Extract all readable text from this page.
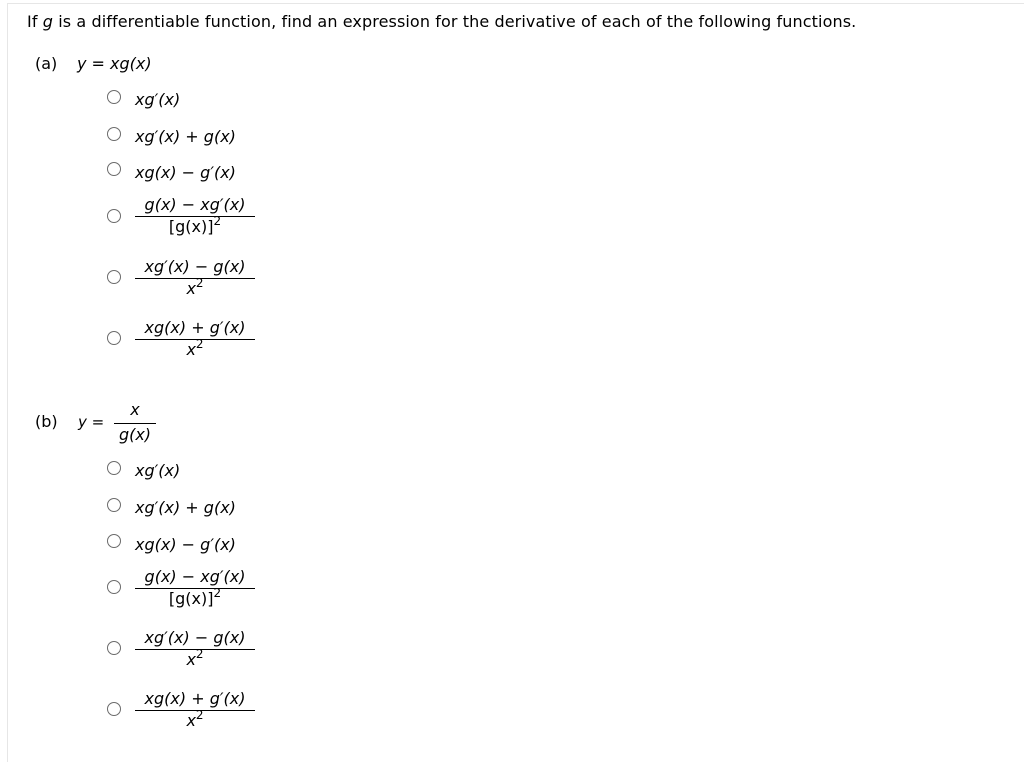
If g is a differentiable function, find an expression for the derivative of each of the following functions.
(a) y = xg(x)
xg′(x)
xg′(x) + g(x)
xg(x) − g′(x)
g(x) − xg′(x)
$[g(x)]^2$
xg′(x) − g(x)
$x^2$
xg(x) + g′(x)
$x^2$
(b) y =
x
g(x)
xg′(x)
xg′(x) + g(x)
xg(x) − g′(x)
g(x) − xg′(x)
$[g(x)]^2$
xg′(x) − g(x)
$x^2$
xg(x) + g′(x)
$x^2$
